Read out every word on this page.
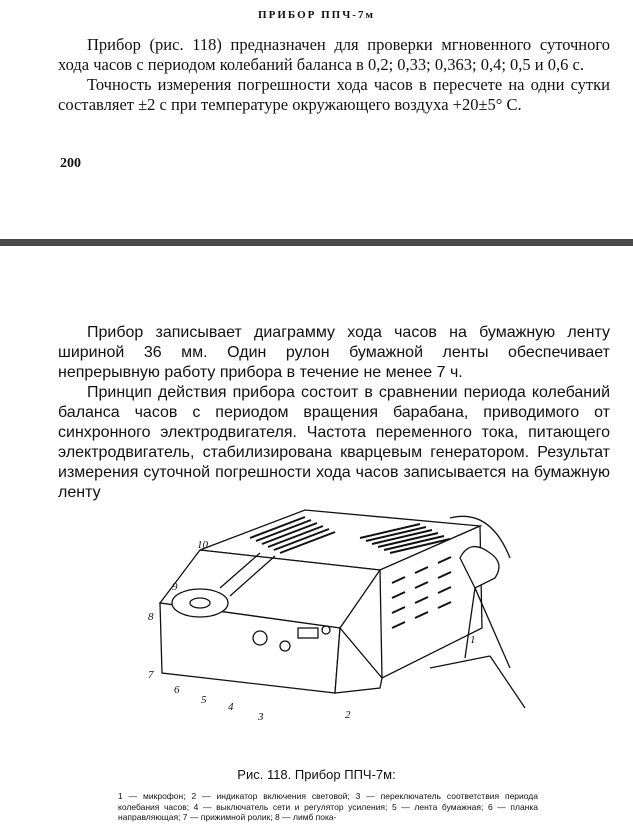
ПРИБОР ППЧ-7м

Прибор (рис. 118) предназначен для проверки мгновенного суточного хода часов с периодом колебаний баланса в 0,2; 0,33; 0,363; 0,4; 0,5 и 0,6 с.

Точность измерения погрешности хода часов в пересчете на одни сутки составляет ±2 с при температуре окружающего воздуха +20±5° С.

200

Прибор записывает диаграмму хода часов на бумажную ленту шириной 36 мм. Один рулон бумажной ленты обеспечивает непрерывную работу прибора в течение не менее 7 ч.

Принцип действия прибора состоит в сравнении периода колебаний баланса часов с периодом вращения барабана, приводимого от синхронного электродвигателя. Частота переменного тока, питающего электродвигатель, стабилизирована кварцевым генератором. Результат измерения суточной погрешности хода часов записывается на бумажную ленту

1
2
3
4
5
6
7
8
9
10
Рис. 118. Прибор ППЧ-7м:
1 — микрофон; 2 — индикатор включения световой; 3 — переключатель соответствия периода колебания часов; 4 — выключатель сети и регулятор усиления; 5 — лента бумажная; 6 — планка направляющая; 7 — прижимной ролик; 8 — лимб пока-
